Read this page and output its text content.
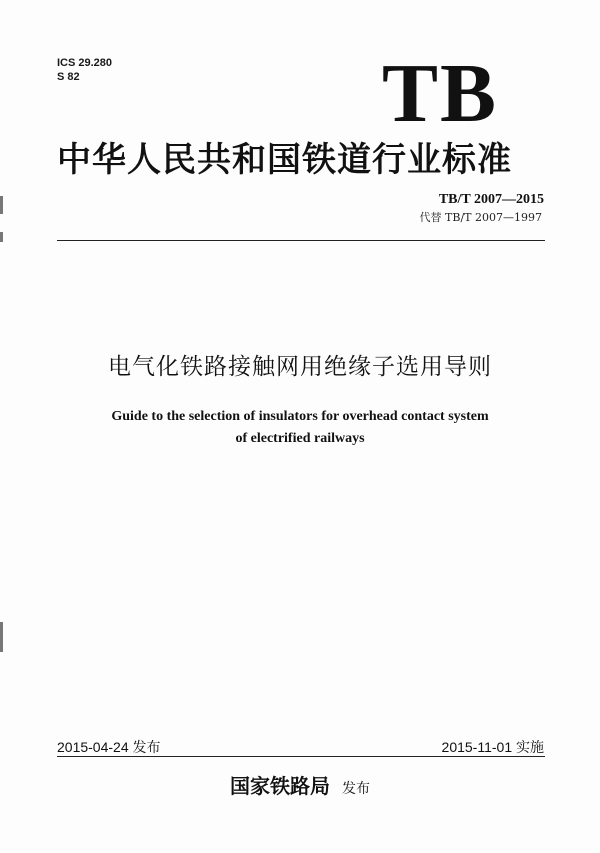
ICS 29.280
S 82	TB
中华人民共和国铁道行业标准
TB/T 2007—2015
代替 TB/T 2007—1997
电气化铁路接触网用绝缘子选用导则
Guide to the selection of insulators for overhead contact system
of electrified railways
2015-04-24 发布	2015-11-01 实施
国家铁路局 发布
